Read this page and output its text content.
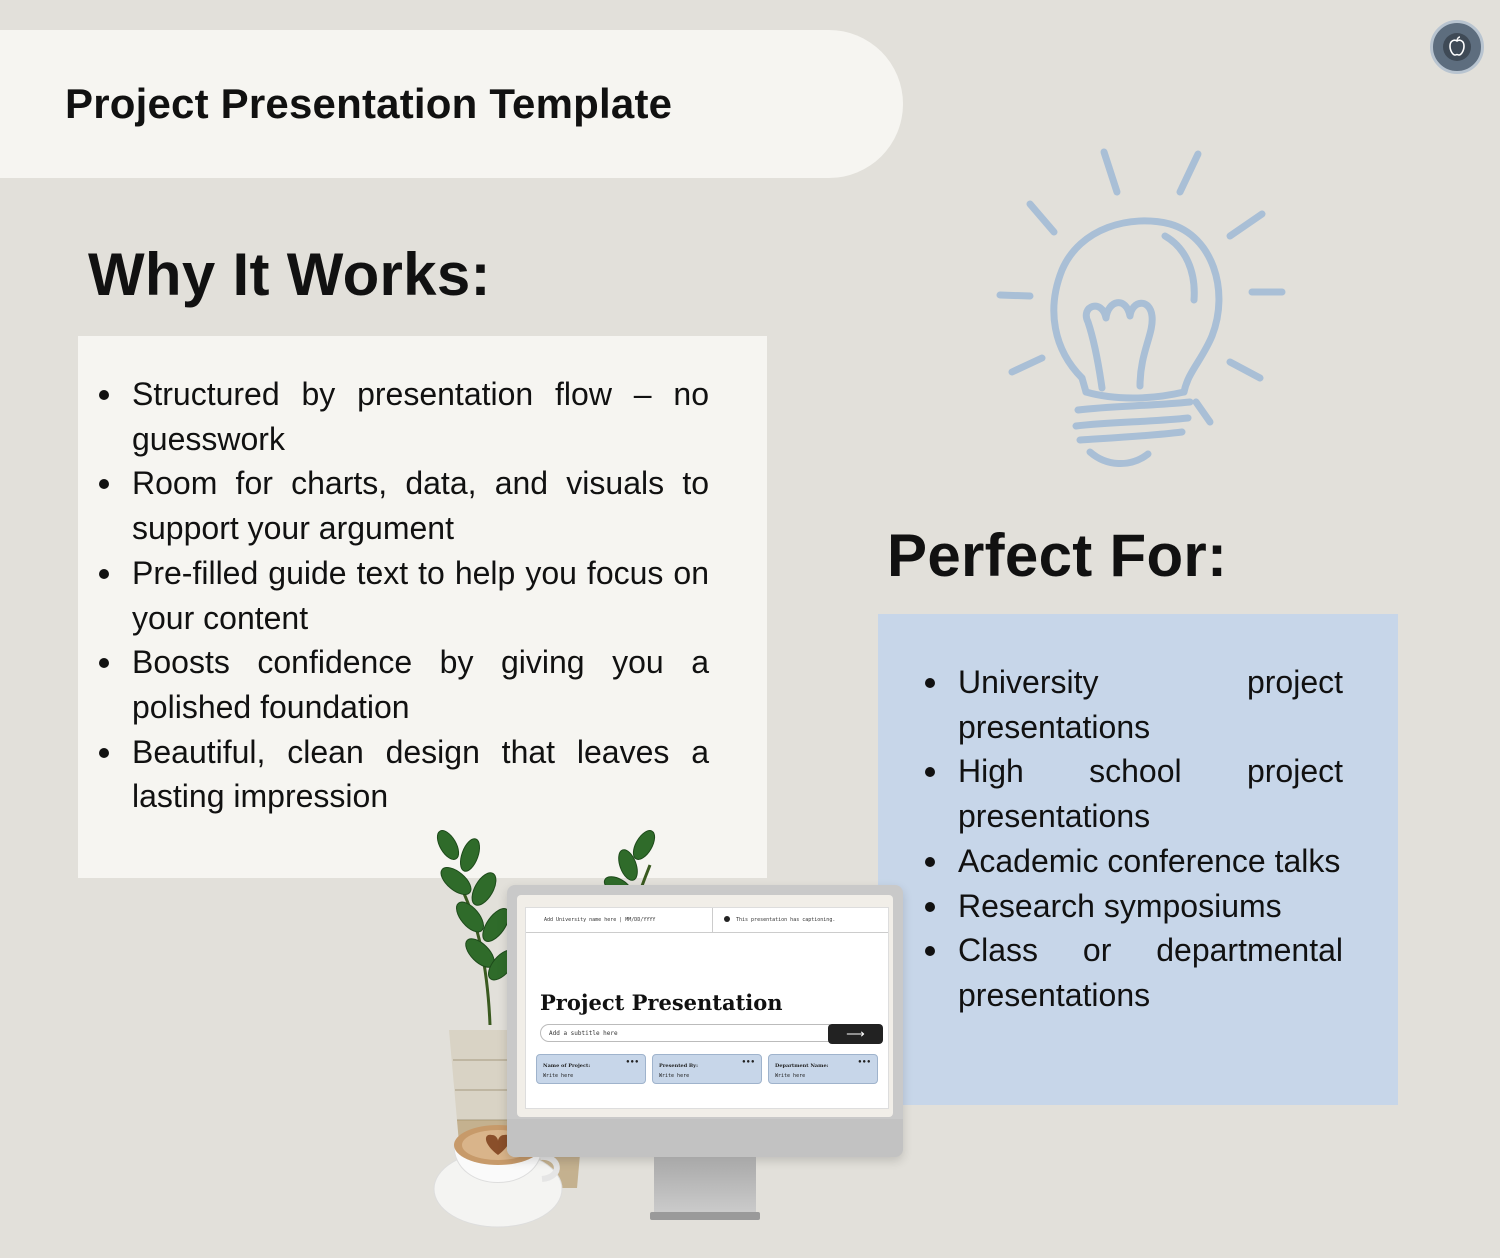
Project Presentation Template
Why It Works:
Structured by presentation flow – no guesswork
Room for charts, data, and visuals to support your argument
Pre-filled guide text to help you focus on your content
Boosts confidence by giving you a polished foundation
Beautiful, clean design that leaves a lasting impression
Perfect For:
University project presentations
High school project presentations
Academic conference talks
Research symposiums
Class or departmental presentations
Add University name here | MM/DD/YYYY	This presentation has captioning.
Project Presentation
Add a subtitle here	⟶
•••
Name of Project:
Write here
•••
Presented By:
Write here
•••
Department Name:
Write here
